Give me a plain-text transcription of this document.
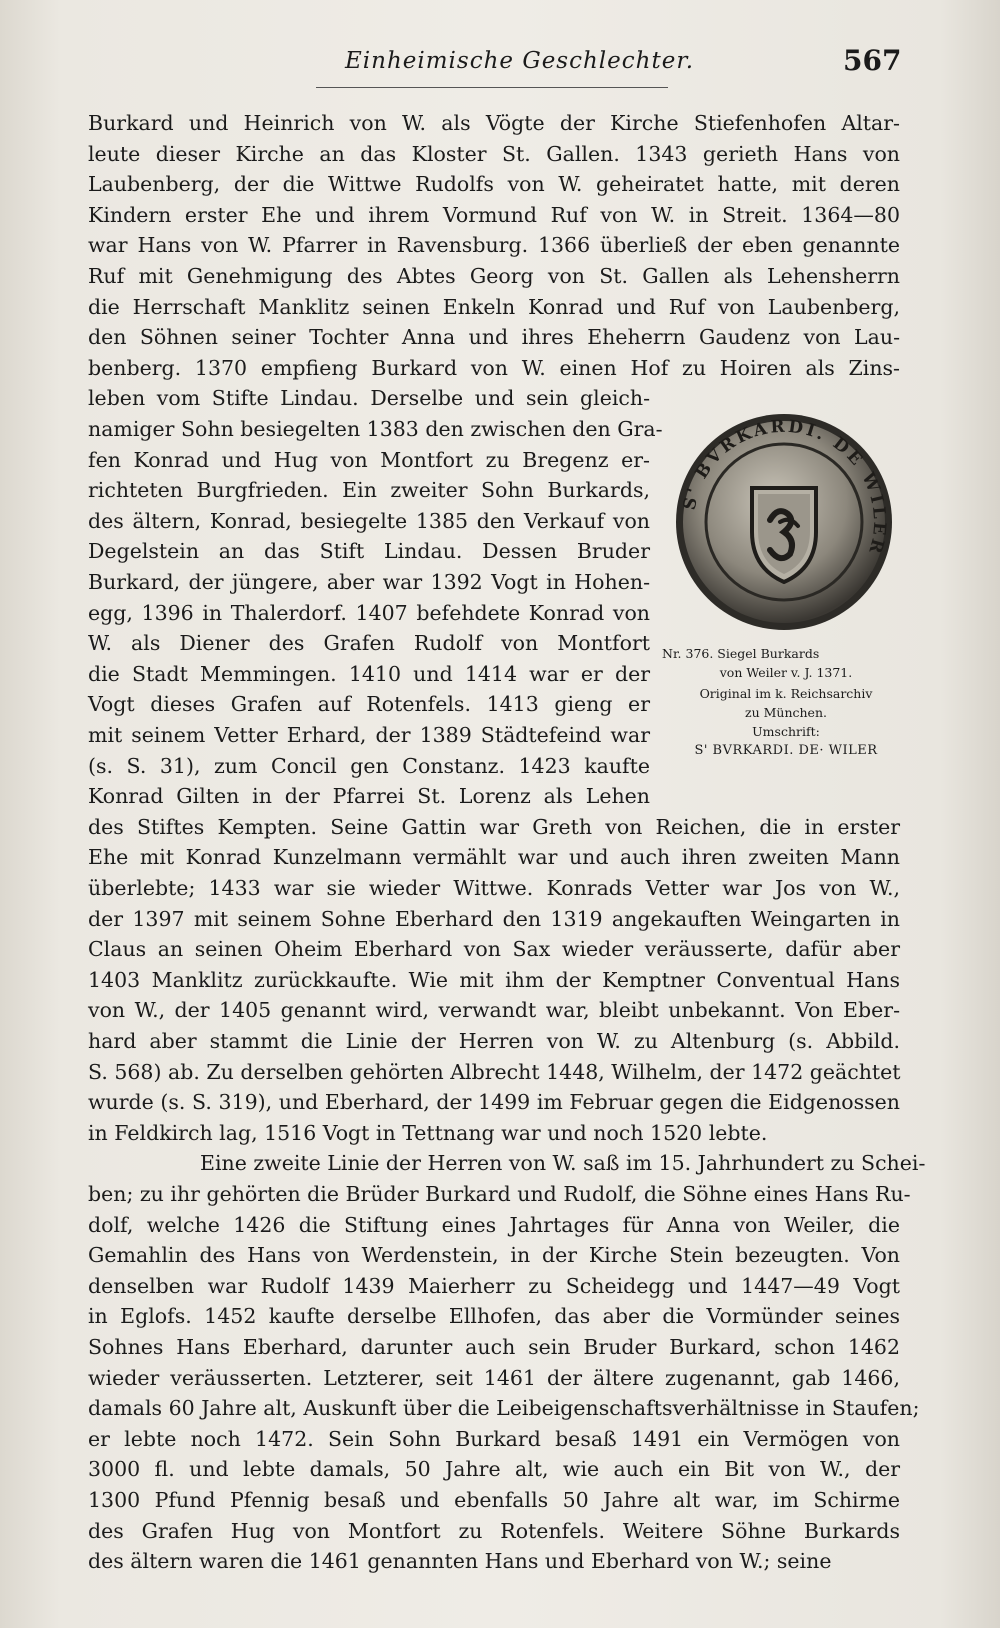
Einheimische Geschlechter.	567
Burkard und Heinrich von W. als Vögte der Kirche Stiefenhofen Altar-
leute dieser Kirche an das Kloster St. Gallen. 1343 gerieth Hans von
Laubenberg, der die Wittwe Rudolfs von W. geheiratet hatte, mit deren
Kindern erster Ehe und ihrem Vormund Ruf von W. in Streit. 1364—80
war Hans von W. Pfarrer in Ravensburg. 1366 überließ der eben genannte
Ruf mit Genehmigung des Abtes Georg von St. Gallen als Lehensherrn
die Herrschaft Manklitz seinen Enkeln Konrad und Ruf von Laubenberg,
den Söhnen seiner Tochter Anna und ihres Eheherrn Gaudenz von Lau-
benberg. 1370 empfieng Burkard von W. einen Hof zu Hoiren als Zins-
leben vom Stifte Lindau. Derselbe und sein gleich-
namiger Sohn besiegelten 1383 den zwischen den Gra-
fen Konrad und Hug von Montfort zu Bregenz er-
richteten Burgfrieden. Ein zweiter Sohn Burkards,
des ältern, Konrad, besiegelte 1385 den Verkauf von
Degelstein an das Stift Lindau. Dessen Bruder
Burkard, der jüngere, aber war 1392 Vogt in Hohen-
egg, 1396 in Thalerdorf. 1407 befehdete Konrad von
W. als Diener des Grafen Rudolf von Montfort
die Stadt Memmingen. 1410 und 1414 war er der
Vogt dieses Grafen auf Rotenfels. 1413 gieng er
mit seinem Vetter Erhard, der 1389 Städtefeind war
(s. S. 31), zum Concil gen Constanz. 1423 kaufte
Konrad Gilten in der Pfarrei St. Lorenz als Lehen
des Stiftes Kempten. Seine Gattin war Greth von Reichen, die in erster
Ehe mit Konrad Kunzelmann vermählt war und auch ihren zweiten Mann
überlebte; 1433 war sie wieder Wittwe. Konrads Vetter war Jos von W.,
der 1397 mit seinem Sohne Eberhard den 1319 angekauften Weingarten in
Claus an seinen Oheim Eberhard von Sax wieder veräusserte, dafür aber
1403 Manklitz zurückkaufte. Wie mit ihm der Kemptner Conventual Hans
von W., der 1405 genannt wird, verwandt war, bleibt unbekannt. Von Eber-
hard aber stammt die Linie der Herren von W. zu Altenburg (s. Abbild.
S. 568) ab. Zu derselben gehörten Albrecht 1448, Wilhelm, der 1472 geächtet
wurde (s. S. 319), und Eberhard, der 1499 im Februar gegen die Eidgenossen
in Feldkirch lag, 1516 Vogt in Tettnang war und noch 1520 lebte.
Eine zweite Linie der Herren von W. saß im 15. Jahrhundert zu Schei-
ben; zu ihr gehörten die Brüder Burkard und Rudolf, die Söhne eines Hans Ru-
dolf, welche 1426 die Stiftung eines Jahrtages für Anna von Weiler, die
Gemahlin des Hans von Werdenstein, in der Kirche Stein bezeugten. Von
denselben war Rudolf 1439 Maierherr zu Scheidegg und 1447—49 Vogt
in Eglofs. 1452 kaufte derselbe Ellhofen, das aber die Vormünder seines
Sohnes Hans Eberhard, darunter auch sein Bruder Burkard, schon 1462
wieder veräusserten. Letzterer, seit 1461 der ältere zugenannt, gab 1466,
damals 60 Jahre alt, Auskunft über die Leibeigenschaftsverhältnisse in Staufen;
er lebte noch 1472. Sein Sohn Burkard besaß 1491 ein Vermögen von
3000 fl. und lebte damals, 50 Jahre alt, wie auch ein Bit von W., der
1300 Pfund Pfennig besaß und ebenfalls 50 Jahre alt war, im Schirme
des Grafen Hug von Montfort zu Rotenfels. Weitere Söhne Burkards
des ältern waren die 1461 genannten Hans und Eberhard von W.; seine
S' BVRKARDI. DE WILER
Nr. 376. Siegel Burkards
von Weiler v. J. 1371.
Original im k. Reichsarchiv
zu München.
Umschrift:
S' BVRKARDI. DE· WILER
